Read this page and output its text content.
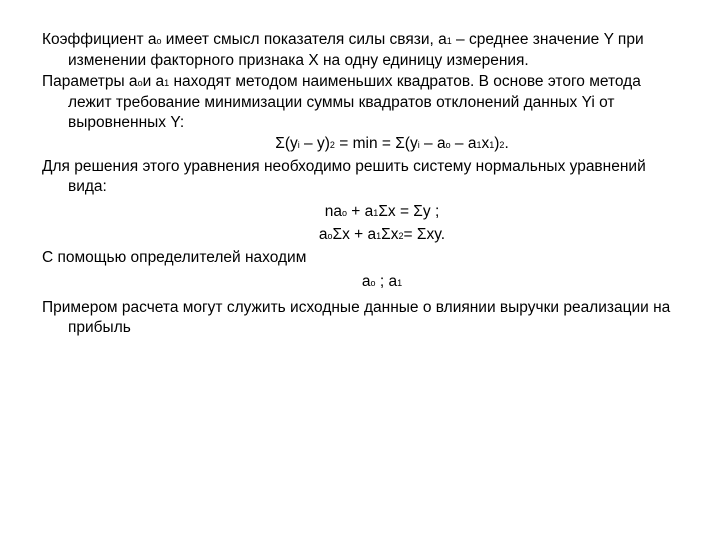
Коэффициент ao имеет смысл показателя силы связи, a1 – среднее значение Y при изменении факторного признака X на одну единицу измерения.

Параметры aoи a1 находят методом наименьших квадратов. В основе этого метода лежит требование минимизации суммы квадратов отклонений данных Yi от выровненных Y:

Σ(yi – y)2 = min = Σ(yi – ao – a1x1)2.

Для решения этого уравнения необходимо решить систему нормальных уравнений вида:

nao + a1Σx = Σy ;

aoΣx + a1Σx2= Σxy.

С помощью определителей находим

ao ; a1

Примером расчета могут служить исходные данные о влиянии выручки реализации на прибыль
